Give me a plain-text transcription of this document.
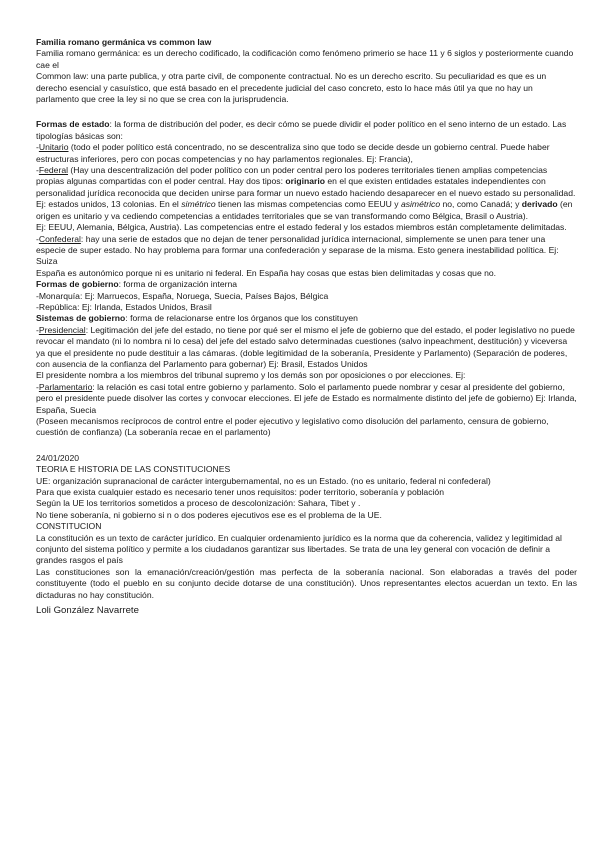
Familia romano germánica vs common law

Familia romano germánica: es un derecho codificado, la codificación como fenómeno primerio se hace 11 y 6 siglos y posteriormente cuando cae el

Common law: una parte publica, y otra parte civil, de componente contractual. No es un derecho escrito. Su peculiaridad es que es un derecho esencial y casuístico, que está basado en el precedente judicial del caso concreto, esto lo hace más útil ya que no hay un parlamento que cree la ley si no que se crea con la jurisprudencia.

Formas de estado: la forma de distribución del poder, es decir cómo se puede dividir el poder político en el seno interno de un estado. Las tipologías básicas son:

-Unitario (todo el poder político está concentrado, no se descentraliza sino que todo se decide desde un gobierno central. Puede haber estructuras inferiores, pero con pocas competencias y no hay parlamentos regionales. Ej: Francia),

-Federal (Hay una descentralización del poder político con un poder central pero los poderes territoriales tienen amplias competencias propias algunas compartidas con el poder central. Hay dos tipos: originario en el que existen entidades estatales independientes con personalidad jurídica reconocida que deciden unirse para formar un nuevo estado haciendo desaparecer en el nuevo estado su personalidad. Ej: estados unidos, 13 colonias. En el simétrico tienen las mismas competencias como EEUU y asimétrico no, como Canadá; y derivado (en origen es unitario y va cediendo competencias a entidades territoriales que se van transformando como Bélgica, Brasil o Austria).

Ej: EEUU, Alemania, Bélgica, Austria). Las competencias entre el estado federal y los estados miembros están completamente delimitadas.

-Confederal: hay una serie de estados que no dejan de tener personalidad jurídica internacional, simplemente se unen para tener una especie de super estado. No hay problema para formar una confederación y separase de la misma. Esto genera inestabilidad política. Ej: Suiza

España es autonómico porque ni es unitario ni federal. En España hay cosas que estas bien delimitadas y cosas que no.

Formas de gobierno: forma de organización interna

-Monarquía: Ej: Marruecos, España, Noruega, Suecia, Países Bajos, Bélgica

-República: Ej: Irlanda, Estados Unidos, Brasil

Sistemas de gobierno: forma de relacionarse entre los órganos que los constituyen

-Presidencial: Legitimación del jefe del estado, no tiene por qué ser el mismo el jefe de gobierno que del estado, el poder legislativo no puede revocar el mandato (ni lo nombra ni lo cesa) del jefe del estado salvo determinadas cuestiones (salvo inpeachment, destitución) y viceversa ya que el presidente no pude destituir a las cámaras. (doble legitimidad de la soberanía, Presidente y Parlamento) (Separación de poderes, con ausencia de la confianza del Parlamento para gobernar) Ej: Brasil, Estados Unidos

El presidente nombra a los miembros del tribunal supremo y los demás son por oposiciones o por elecciones. Ej:

-Parlamentario: la relación es casi total entre gobierno y parlamento. Solo el parlamento puede nombrar y cesar al presidente del gobierno, pero el presidente puede disolver las cortes y convocar elecciones. El jefe de Estado es normalmente distinto del jefe de gobierno) Ej: Irlanda, España, Suecia

(Poseen mecanismos recíprocos de control entre el poder ejecutivo y legislativo como disolución del parlamento, censura de gobierno, cuestión de confianza) (La soberanía recae en el parlamento)

24/01/2020

TEORIA E HISTORIA DE LAS CONSTITUCIONES

UE: organización supranacional de carácter intergubernamental, no es un Estado. (no es unitario, federal ni confederal)

Para que exista cualquier estado es necesario tener unos requisitos: poder territorio, soberanía y población

Según la UE los territorios sometidos a proceso de descolonización: Sahara, Tibet y .

No tiene soberanía, ni gobierno si n o dos poderes ejecutivos ese es el problema de la UE.

CONSTITUCION

La constitución es un texto de carácter jurídico. En cualquier ordenamiento jurídico es la norma que da coherencia, validez y legitimidad al conjunto del sistema político y permite a los ciudadanos garantizar sus libertades. Se trata de una ley general con vocación de definir a grandes rasgos el país

Las constituciones son la emanación/creación/gestión mas perfecta de la soberanía nacional. Son elaboradas a través del poder constituyente (todo el pueblo en su conjunto decide dotarse de una constitución). Unos representantes electos acuerdan un texto. En las dictaduras no hay constitución.

Loli González Navarrete
